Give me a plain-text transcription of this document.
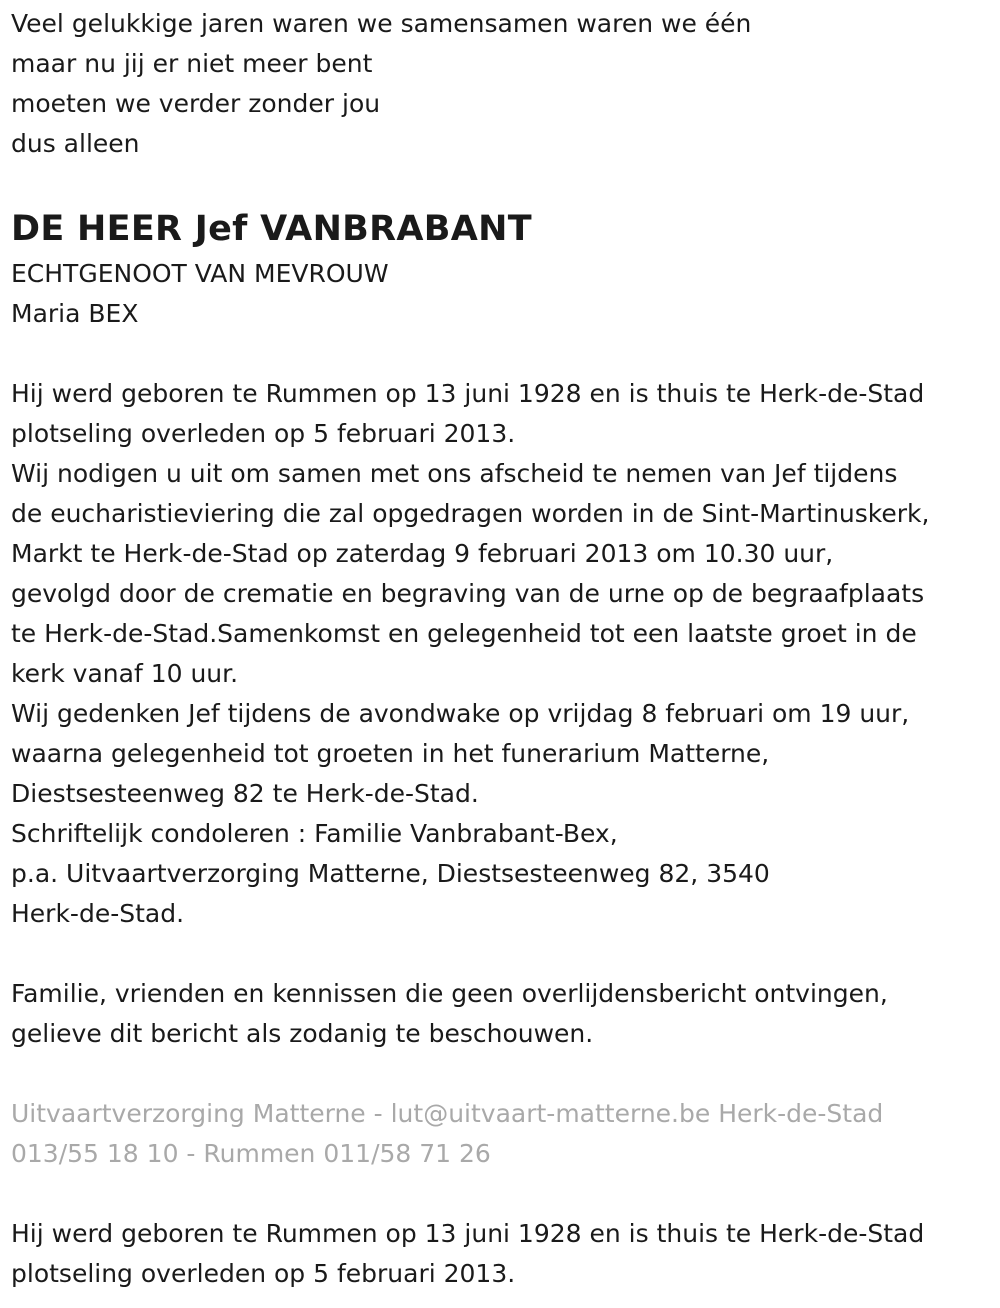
Veel gelukkige jaren waren we samensamen waren we één
maar nu jij er niet meer bent
moeten we verder zonder jou
dus alleen
DE HEER Jef VANBRABANT
ECHTGENOOT VAN MEVROUW
Maria BEX
Hij werd geboren te Rummen op 13 juni 1928 en is thuis te Herk-de-Stad
plotseling overleden op 5 februari 2013.
Wij nodigen u uit om samen met ons afscheid te nemen van Jef tijdens
de eucharistieviering die zal opgedragen worden in de Sint-Martinuskerk,
Markt te Herk-de-Stad op zaterdag 9 februari 2013 om 10.30 uur,
gevolgd door de crematie en begraving van de urne op de begraafplaats
te Herk-de-Stad.Samenkomst en gelegenheid tot een laatste groet in de
kerk vanaf 10 uur.
Wij gedenken Jef tijdens de avondwake op vrijdag 8 februari om 19 uur,
waarna gelegenheid tot groeten in het funerarium Matterne,
Diestsesteenweg 82 te Herk-de-Stad.
Schriftelijk condoleren : Familie Vanbrabant-Bex,
p.a. Uitvaartverzorging Matterne, Diestsesteenweg 82, 3540
Herk-de-Stad.
Familie, vrienden en kennissen die geen overlijdensbericht ontvingen,
gelieve dit bericht als zodanig te beschouwen.
Uitvaartverzorging Matterne - lut@uitvaart-matterne.be Herk-de-Stad
013/55 18 10 - Rummen 011/58 71 26
Hij werd geboren te Rummen op 13 juni 1928 en is thuis te Herk-de-Stad
plotseling overleden op 5 februari 2013.
